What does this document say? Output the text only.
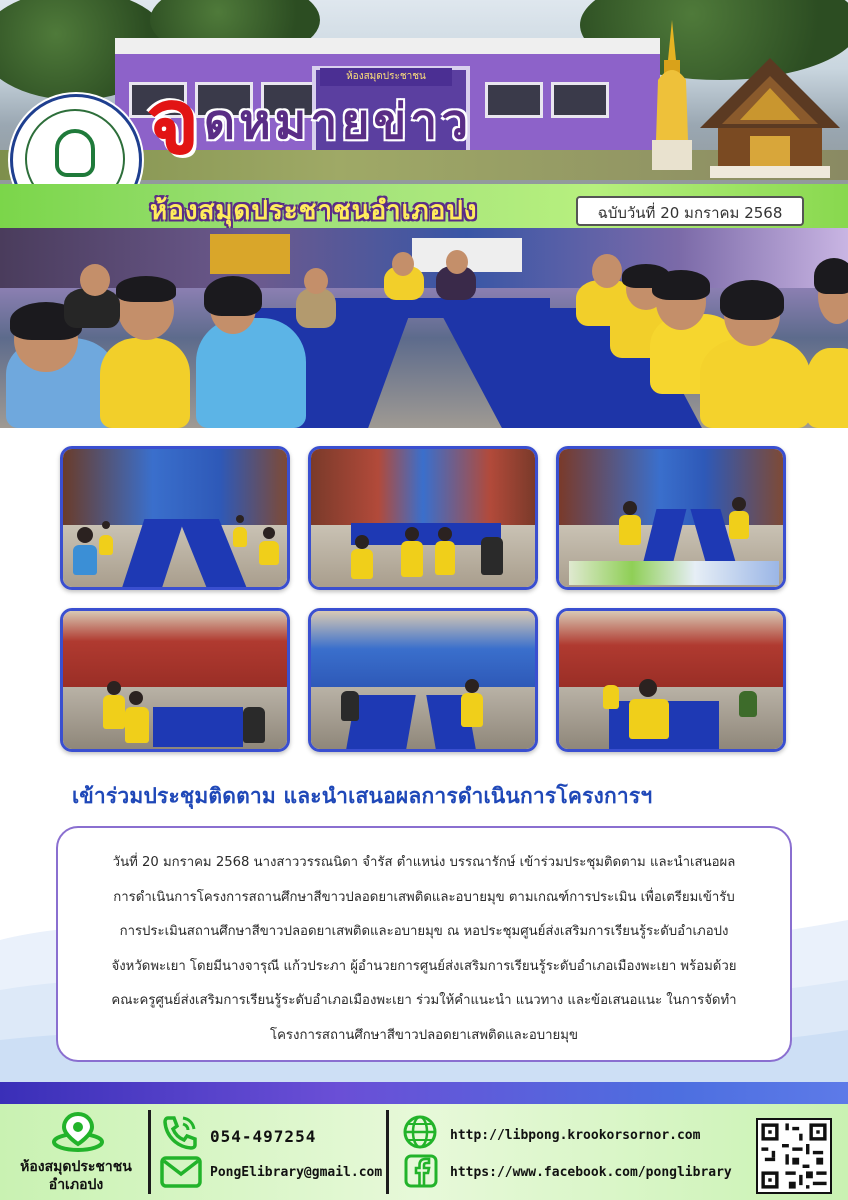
ห้องสมุดประชาชน
จดหมายข่าว
ห้องสมุดประชาชนอำเภอปง	ฉบับวันที่ 20 มกราคม 2568
เข้าร่วมประชุมติดตาม และนำเสนอผลการดำเนินการโครงการฯ
วันที่ 20 มกราคม 2568 นางสาววรรณนิดา จำรัส ตำแหน่ง บรรณารักษ์ เข้าร่วมประชุมติดตาม และนำเสนอผล
การดำเนินการโครงการสถานศึกษาสีขาวปลอดยาเสพติดและอบายมุข ตามเกณฑ์การประเมิน เพื่อเตรียมเข้ารับ
การประเมินสถานศึกษาสีขาวปลอดยาเสพติดและอบายมุข ณ หอประชุมศูนย์ส่งเสริมการเรียนรู้ระดับอำเภอปง
จังหวัดพะเยา โดยมีนางจารุณี แก้วประภา ผู้อำนวยการศูนย์ส่งเสริมการเรียนรู้ระดับอำเภอเมืองพะเยา พร้อมด้วย
คณะครูศูนย์ส่งเสริมการเรียนรู้ระดับอำเภอเมืองพะเยา ร่วมให้คำแนะนำ แนวทาง และข้อเสนอแนะ ในการจัดทำ
โครงการสถานศึกษาสีขาวปลอดยาเสพติดและอบายมุข
ห้องสมุดประชาชน
อำเภอปง
054-497254
PongElibrary@gmail.com
http://libpong.krookorsornor.com
https://www.facebook.com/ponglibrary
